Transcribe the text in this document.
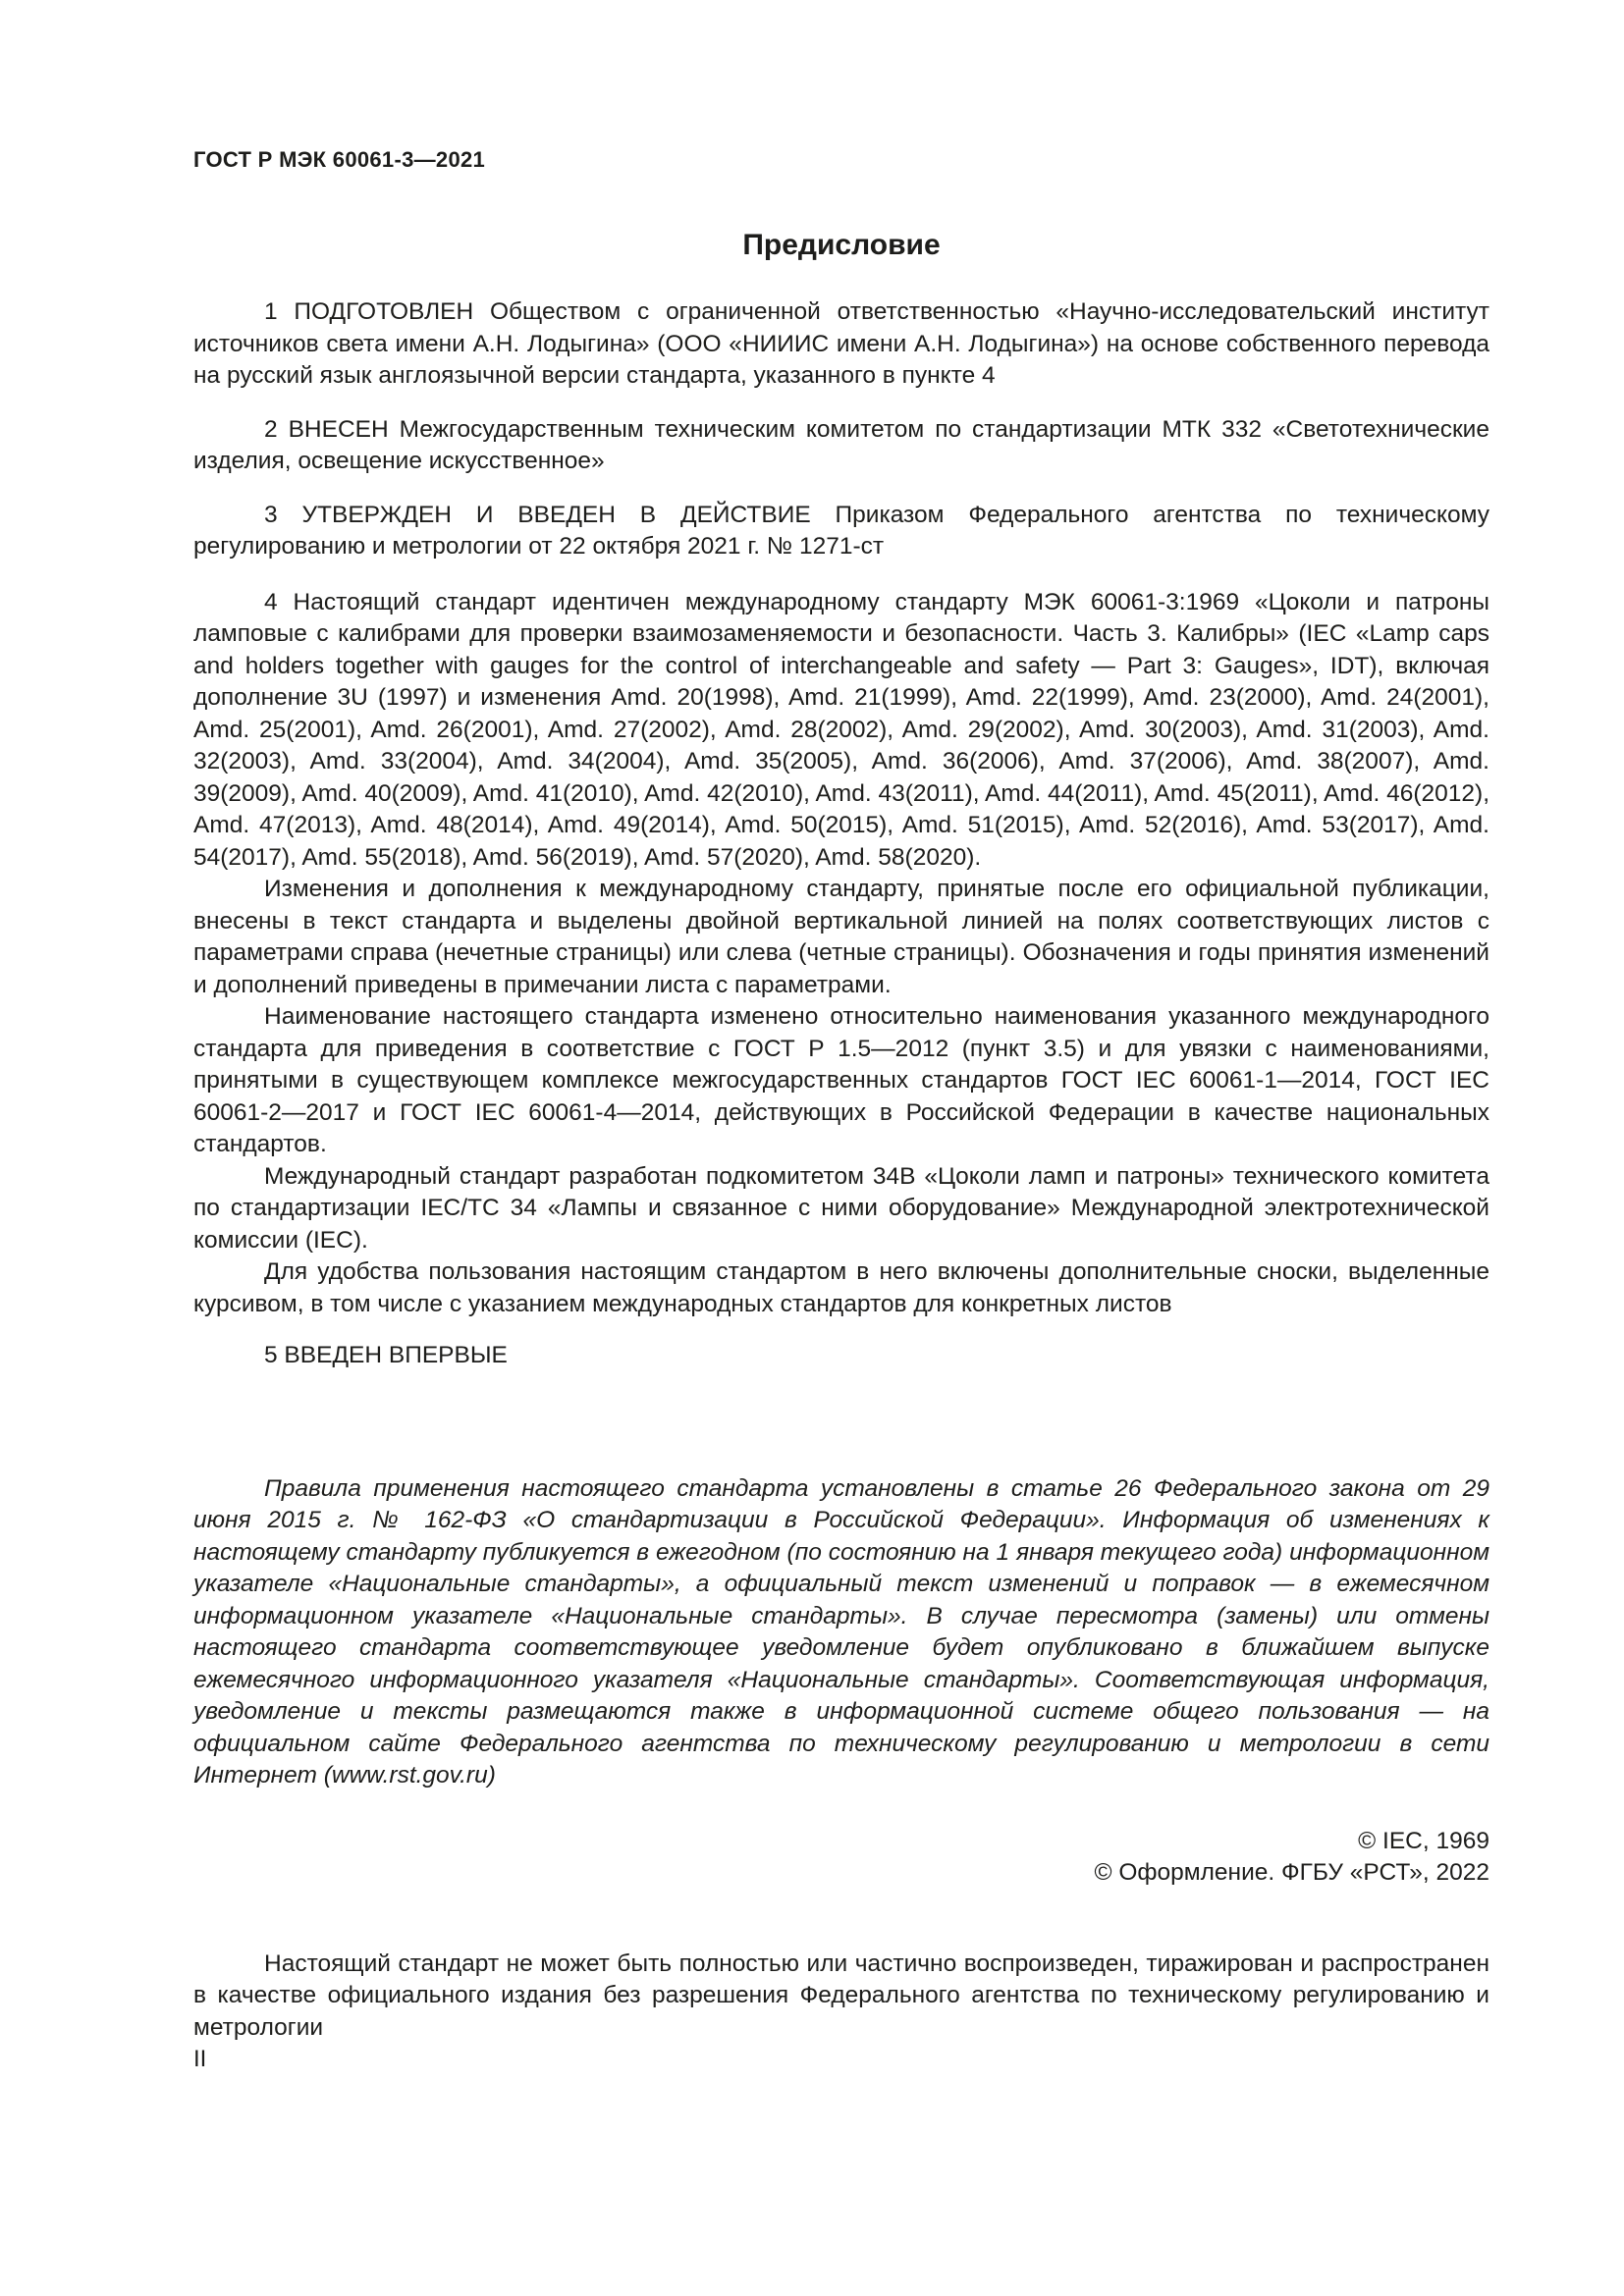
ГОСТ Р МЭК 60061-3—2021
Предисловие

1 ПОДГОТОВЛЕН Обществом с ограниченной ответственностью «Научно-исследовательский институт источников света имени А.Н. Лодыгина» (ООО «НИИИС имени А.Н. Лодыгина») на основе собственного перевода на русский язык англоязычной версии стандарта, указанного в пункте 4

2 ВНЕСЕН Межгосударственным техническим комитетом по стандартизации МТК 332 «Светотехнические изделия, освещение искусственное»

3 УТВЕРЖДЕН И ВВЕДЕН В ДЕЙСТВИЕ Приказом Федерального агентства по техническому регулированию и метрологии от 22 октября 2021 г. № 1271-ст

4 Настоящий стандарт идентичен международному стандарту МЭК 60061-3:1969 «Цоколи и патроны ламповые с калибрами для проверки взаимозаменяемости и безопасности. Часть 3. Калибры» (IEC «Lamp caps and holders together with gauges for the control of interchangeable and safety — Part 3: Gauges», IDT), включая дополнение 3U (1997) и изменения Amd. 20(1998), Amd. 21(1999), Amd. 22(1999), Amd. 23(2000), Amd. 24(2001), Amd. 25(2001), Amd. 26(2001), Amd. 27(2002), Amd. 28(2002), Amd. 29(2002), Amd. 30(2003), Amd. 31(2003), Amd. 32(2003), Amd. 33(2004), Amd. 34(2004), Amd. 35(2005), Amd. 36(2006), Amd. 37(2006), Amd. 38(2007), Amd. 39(2009), Amd. 40(2009), Amd. 41(2010), Amd. 42(2010), Amd. 43(2011), Amd. 44(2011), Amd. 45(2011), Amd. 46(2012), Amd. 47(2013), Amd. 48(2014), Amd. 49(2014), Amd. 50(2015), Amd. 51(2015), Amd. 52(2016), Amd. 53(2017), Amd. 54(2017), Amd. 55(2018), Amd. 56(2019), Amd. 57(2020), Amd. 58(2020).

Изменения и дополнения к международному стандарту, принятые после его официальной публикации, внесены в текст стандарта и выделены двойной вертикальной линией на полях соответствующих листов с параметрами справа (нечетные страницы) или слева (четные страницы). Обозначения и годы принятия изменений и дополнений приведены в примечании листа с параметрами.

Наименование настоящего стандарта изменено относительно наименования указанного международного стандарта для приведения в соответствие с ГОСТ Р 1.5—2012 (пункт 3.5) и для увязки с наименованиями, принятыми в существующем комплексе межгосударственных стандартов ГОСТ IEC 60061-1—2014, ГОСТ IEC 60061-2—2017 и ГОСТ IEC 60061-4—2014, действующих в Российской Федерации в качестве национальных стандартов.

Международный стандарт разработан подкомитетом 34В «Цоколи ламп и патроны» технического комитета по стандартизации IEC/TC 34 «Лампы и связанное с ними оборудование» Международной электротехнической комиссии (IEC).

Для удобства пользования настоящим стандартом в него включены дополнительные сноски, выделенные курсивом, в том числе с указанием международных стандартов для конкретных листов

5 ВВЕДЕН ВПЕРВЫЕ

Правила применения настоящего стандарта установлены в статье 26 Федерального закона от 29 июня 2015 г. № 162-ФЗ «О стандартизации в Российской Федерации». Информация об изменениях к настоящему стандарту публикуется в ежегодном (по состоянию на 1 января текущего года) информационном указателе «Национальные стандарты», а официальный текст изменений и поправок — в ежемесячном информационном указателе «Национальные стандарты». В случае пересмотра (замены) или отмены настоящего стандарта соответствующее уведомление будет опубликовано в ближайшем выпуске ежемесячного информационного указателя «Национальные стандарты». Соответствующая информация, уведомление и тексты размещаются также в информационной системе общего пользования — на официальном сайте Федерального агентства по техническому регулированию и метрологии в сети Интернет (www.rst.gov.ru)

© IEC, 1969
© Оформление. ФГБУ «РСТ», 2022

Настоящий стандарт не может быть полностью или частично воспроизведен, тиражирован и распространен в качестве официального издания без разрешения Федерального агентства по техническому регулированию и метрологии

II
